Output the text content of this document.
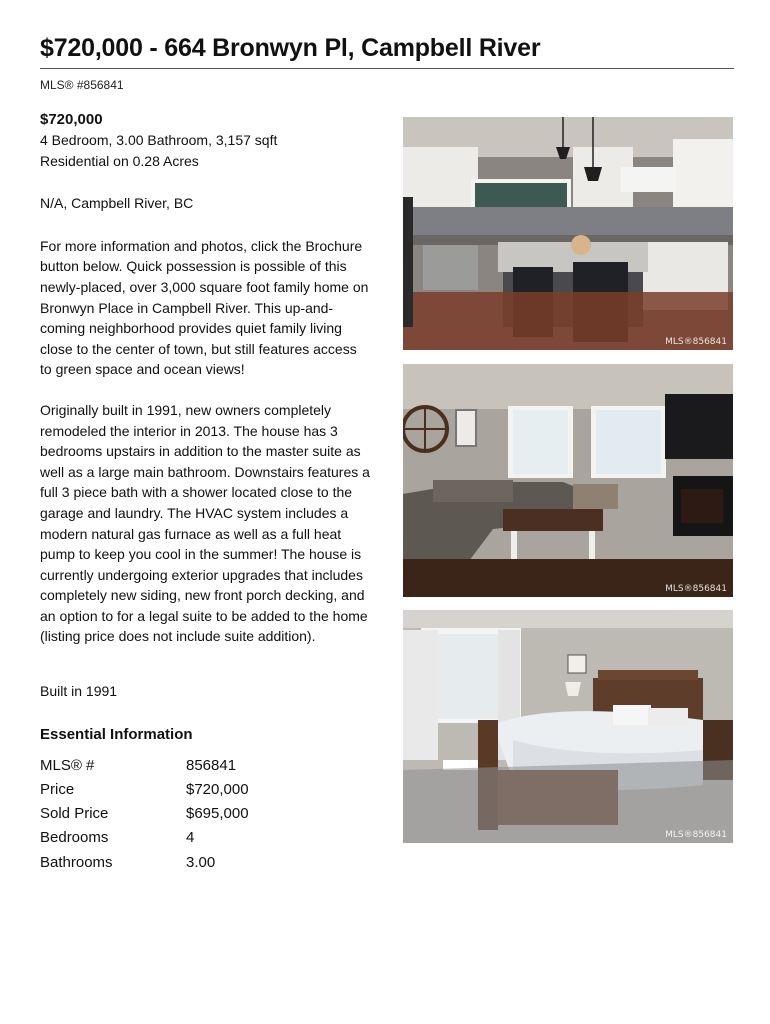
$720,000 - 664 Bronwyn Pl, Campbell River
MLS® #856841
$720,000
4 Bedroom, 3.00 Bathroom, 3,157 sqft
Residential on 0.28 Acres
N/A, Campbell River, BC

For more information and photos, click the Brochure button below. Quick possession is possible of this newly-placed, over 3,000 square foot family home on Bronwyn Place in Campbell River. This up-and-coming neighborhood provides quiet family living close to the center of town, but still features access to green space and ocean views!

Originally built in 1991, new owners completely remodeled the interior in 2013. The house has 3 bedrooms upstairs in addition to the master suite as well as a large main bathroom. Downstairs features a full 3 piece bath with a shower located close to the garage and laundry. The HVAC system includes a modern natural gas furnace as well as a full heat pump to keep you cool in the summer! The house is currently undergoing exterior upgrades that includes completely new siding, new front porch decking, and an option to for a legal suite to be added to the home (listing price does not include suite addition).

Built in 1991
Essential Information
MLS® #	856841
Price	$720,000
Sold Price	$695,000
Bedrooms	4
Bathrooms	3.00
MLS®856841
MLS®856841
MLS®856841
